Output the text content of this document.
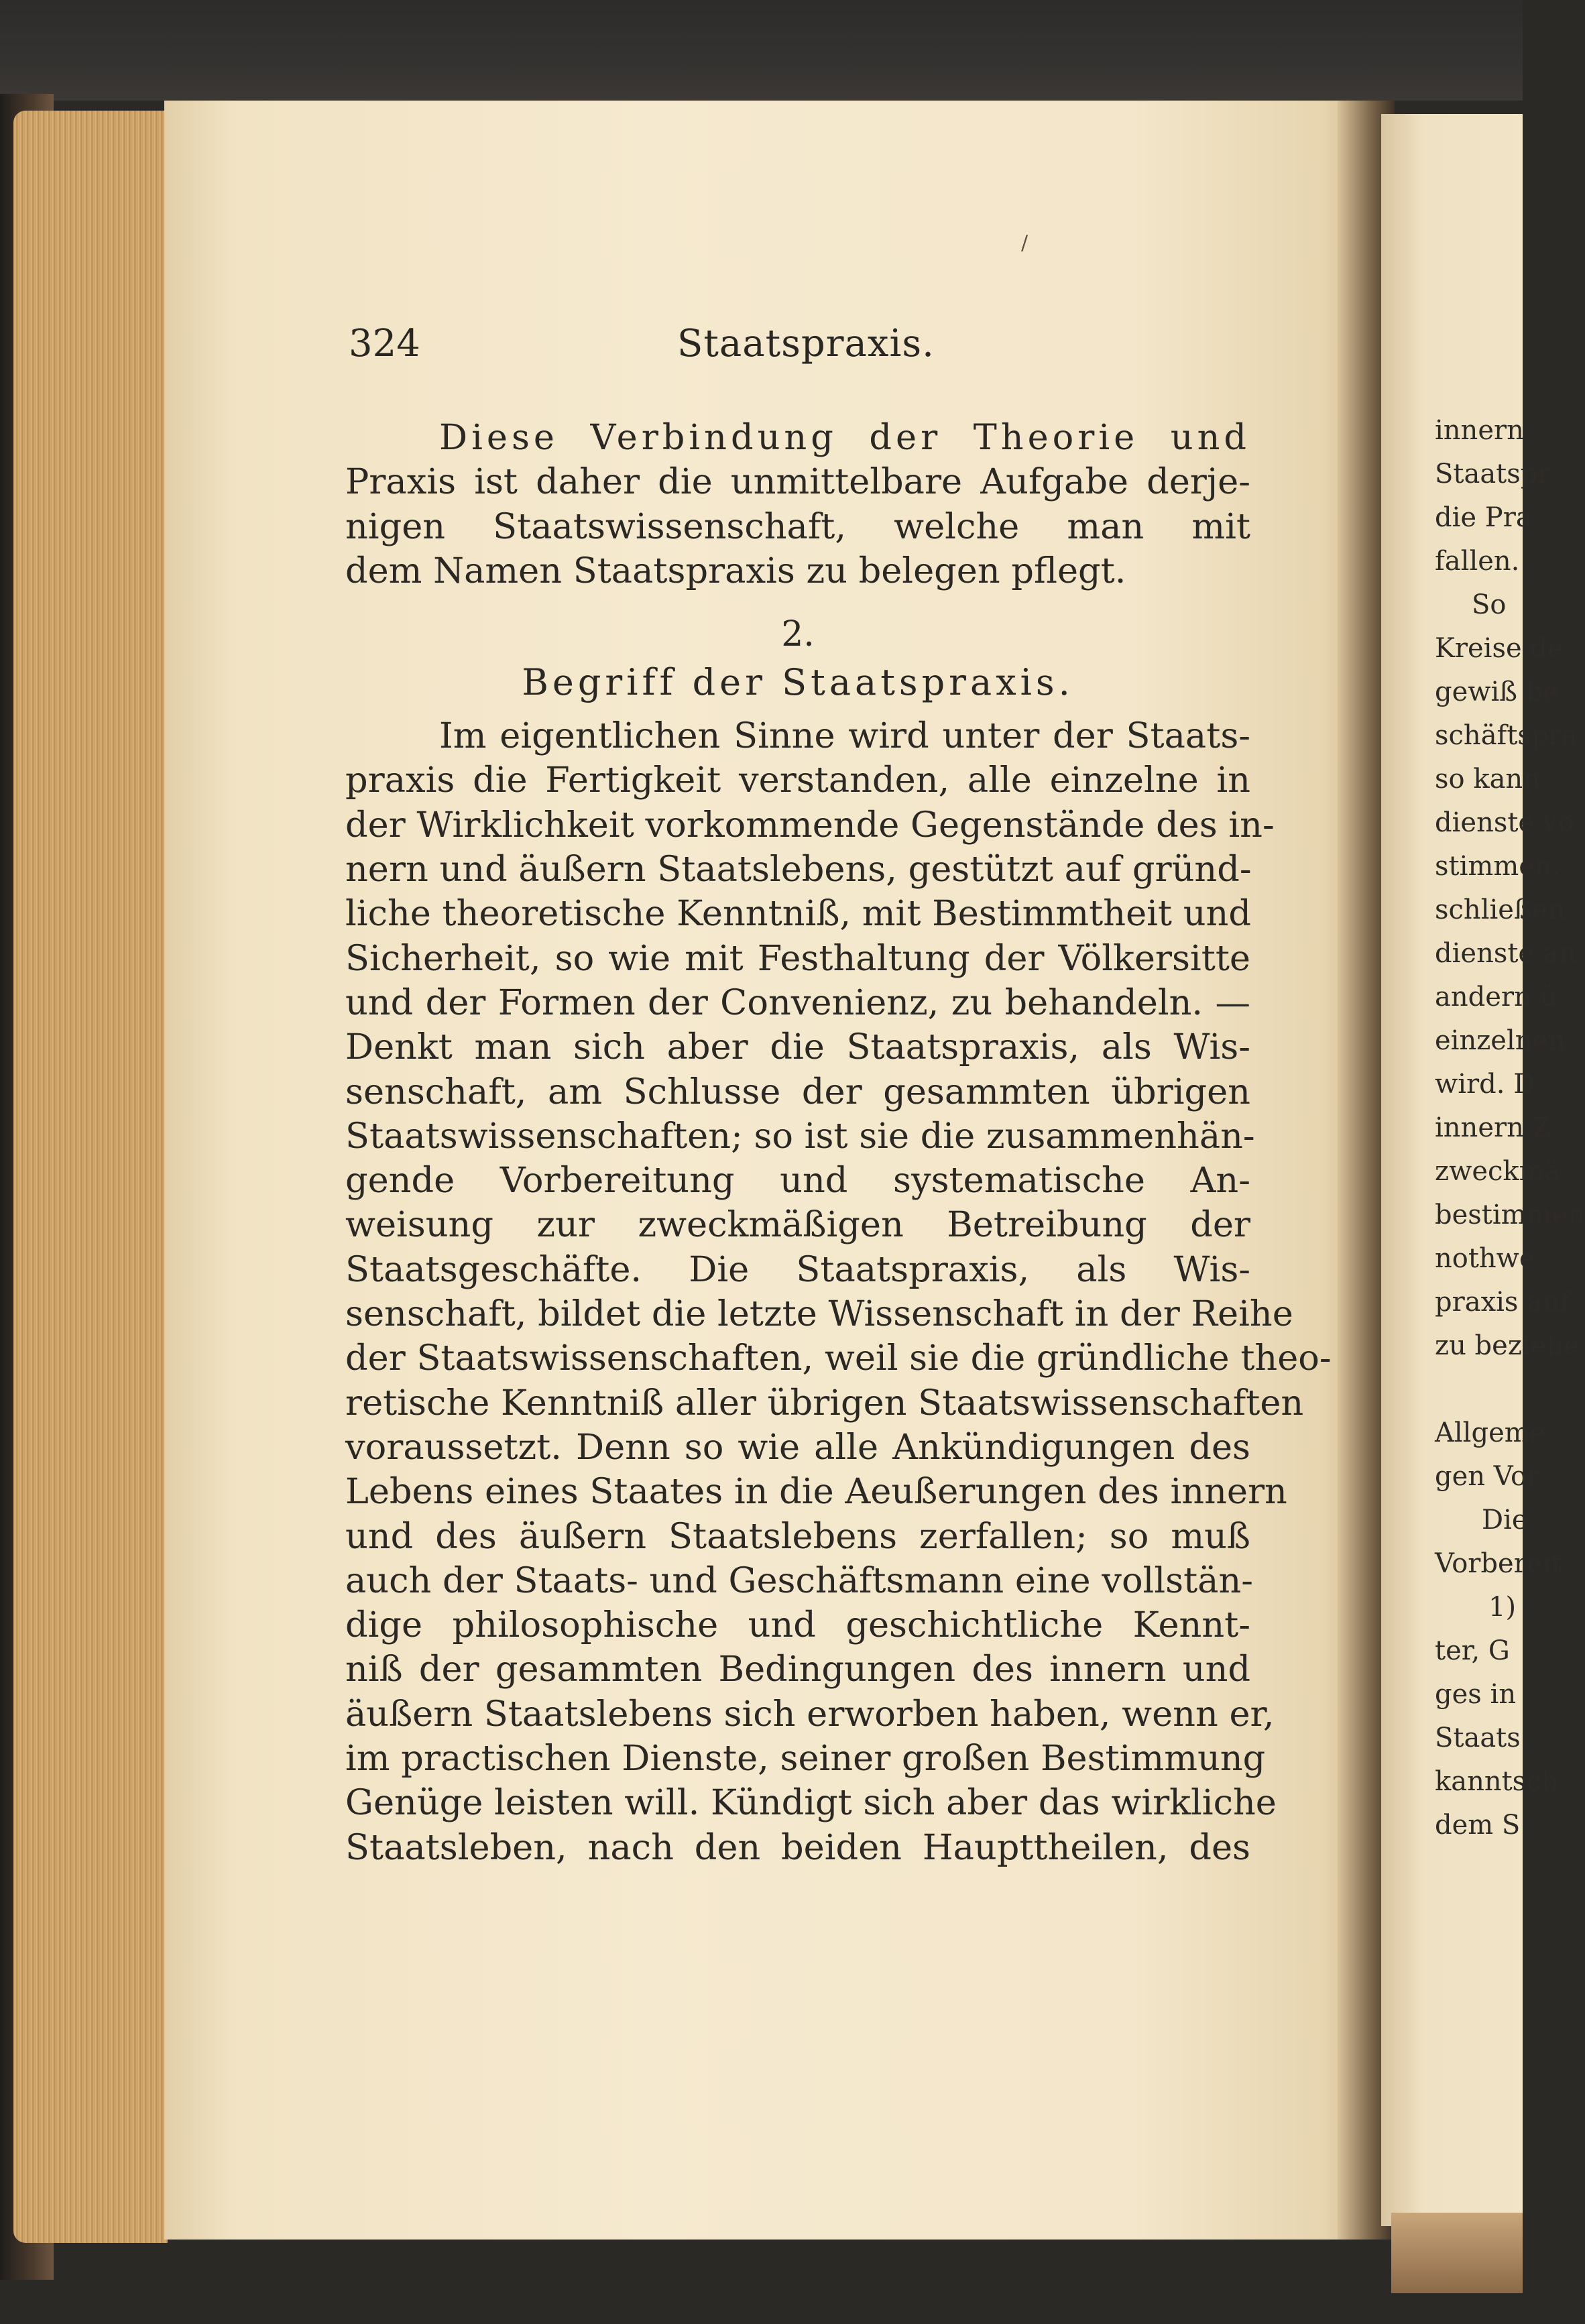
/
324	Staatspraxis.
Diese Verbindung der Theorie und
Praxis ist daher die unmittelbare Aufgabe derje-
nigen Staatswissenschaft, welche man mit
dem Namen Staatspraxis zu belegen pflegt.
2.
Begriff der Staatspraxis.
Im eigentlichen Sinne wird unter der Staats-
praxis die Fertigkeit verstanden, alle einzelne in
der Wirklichkeit vorkommende Gegenstände des in-
nern und äußern Staatslebens, gestützt auf gründ-
liche theoretische Kenntniß, mit Bestimmtheit und
Sicherheit, so wie mit Festhaltung der Völkersitte
und der Formen der Convenienz, zu behandeln. —
Denkt man sich aber die Staatspraxis, als Wis-
senschaft, am Schlusse der gesammten übrigen
Staatswissenschaften; so ist sie die zusammenhän-
gende Vorbereitung und systematische An-
weisung zur zweckmäßigen Betreibung der
Staatsgeschäfte. Die Staatspraxis, als Wis-
senschaft, bildet die letzte Wissenschaft in der Reihe
der Staatswissenschaften, weil sie die gründliche theo-
retische Kenntniß aller übrigen Staatswissenschaften
voraussetzt. Denn so wie alle Ankündigungen des
Lebens eines Staates in die Aeußerungen des innern
und des äußern Staatslebens zerfallen; so muß
auch der Staats- und Geschäftsmann eine vollstän-
dige philosophische und geschichtliche Kennt-
niß der gesammten Bedingungen des innern und
äußern Staatslebens sich erworben haben, wenn er,
im practischen Dienste, seiner großen Bestimmung
Genüge leisten will. Kündigt sich aber das wirkliche
Staatsleben, nach den beiden Haupttheilen, des
innern
Staatspr
die Pra
fallen.
So
Kreise de
gewiß be
schäftspra
so kann
dienste vo
stimmen,
schließen
dienste an
andern ü
einzelnen
wird. D
innern Z
zweckmä
bestimmen
nothwe
praxis auf
zu beziehe
Allgeme
gen Vor
Die
Vorbereit
1)
ter, G
ges in
Staats
kanntsch
dem S
